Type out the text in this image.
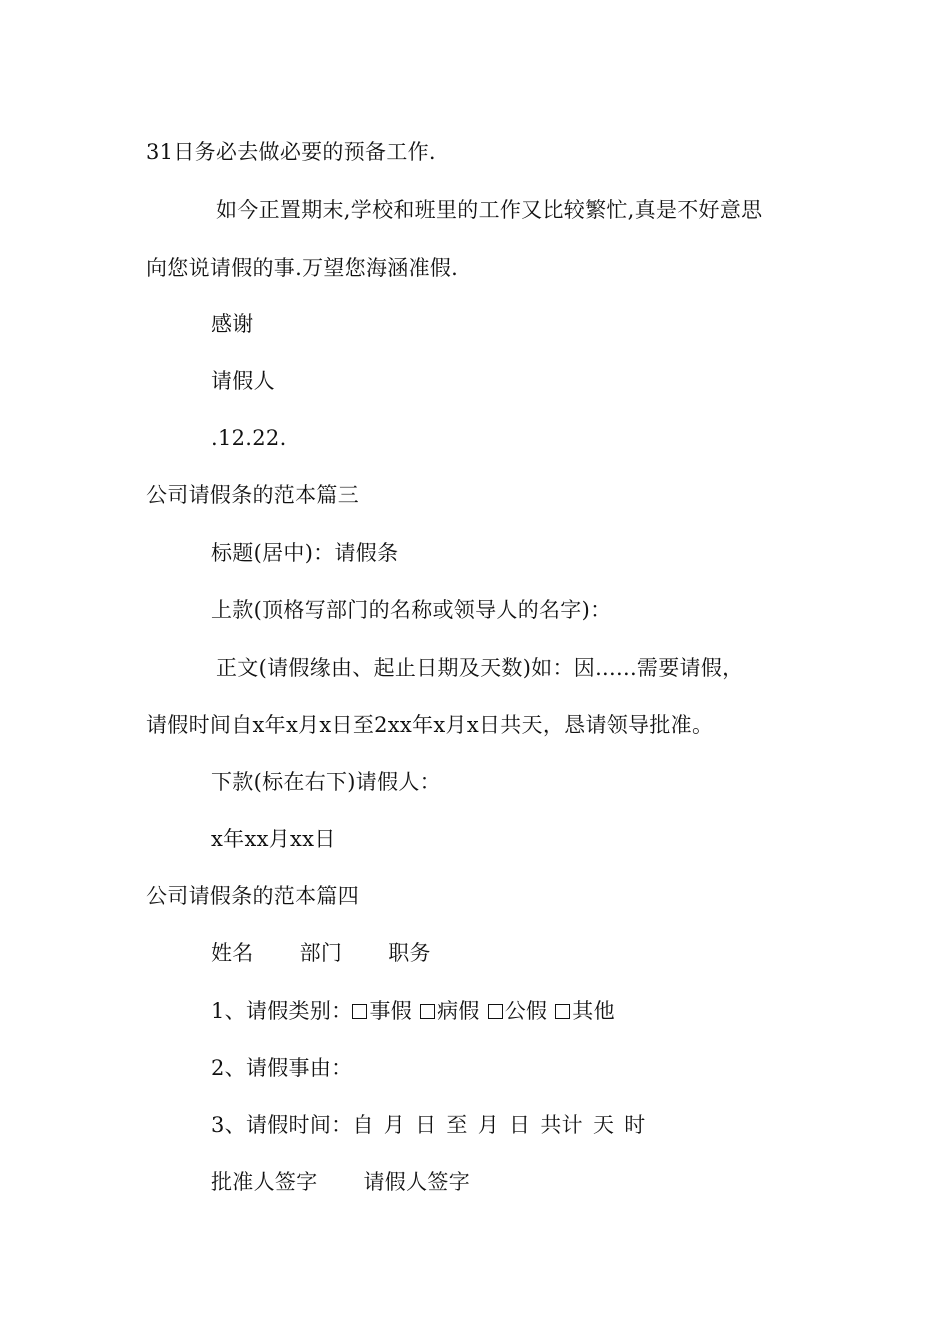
31日务必去做必要的预备工作.
如今正置期末,学校和班里的工作又比较繁忙,真是不好意思
向您说请假的事.万望您海涵准假.
感谢
请假人
.12.22.
公司请假条的范本篇三
标题(居中)：请假条
上款(顶格写部门的名称或领导人的名字)：
正文(请假缘由、起止日期及天数)如：因......需要请假，
请假时间自x年x月x日至2xx年x月x日共天，恳请领导批准。
下款(标在右下)请假人：
x年xx月xx日
公司请假条的范本篇四
姓名 部门 职务
1、请假类别： 事假 病假 公假 其他
2、请假事由：
3、请假时间：自 月 日 至 月 日 共计 天 时
批准人签字 请假人签字
